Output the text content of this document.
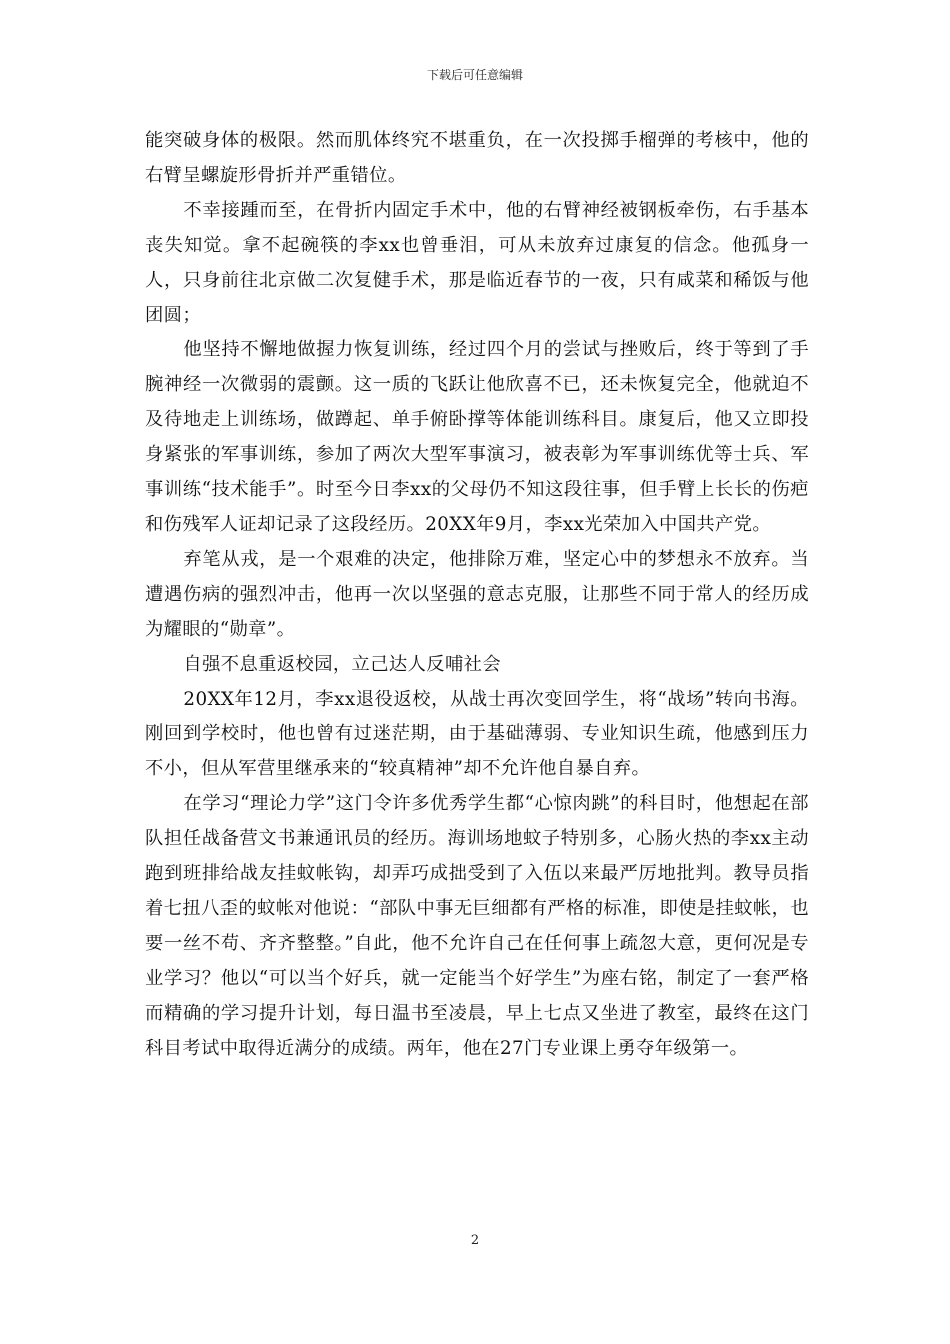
下载后可任意编辑

能突破身体的极限。然而肌体终究不堪重负，在一次投掷手榴弹的考核中，他的右臂呈螺旋形骨折并严重错位。

不幸接踵而至，在骨折内固定手术中，他的右臂神经被钢板牵伤，右手基本丧失知觉。拿不起碗筷的李xx也曾垂泪，可从未放弃过康复的信念。他孤身一人，只身前往北京做二次复健手术，那是临近春节的一夜，只有咸菜和稀饭与他团圆；

他坚持不懈地做握力恢复训练，经过四个月的尝试与挫败后，终于等到了手腕神经一次微弱的震颤。这一质的飞跃让他欣喜不已，还未恢复完全，他就迫不及待地走上训练场，做蹲起、单手俯卧撑等体能训练科目。康复后，他又立即投身紧张的军事训练，参加了两次大型军事演习，被表彰为军事训练优等士兵、军事训练“技术能手”。时至今日李xx的父母仍不知这段往事，但手臂上长长的伤疤和伤残军人证却记录了这段经历。20XX年9月，李xx光荣加入中国共产党。

弃笔从戎，是一个艰难的决定，他排除万难，坚定心中的梦想永不放弃。当遭遇伤病的强烈冲击，他再一次以坚强的意志克服，让那些不同于常人的经历成为耀眼的“勋章”。

自强不息重返校园，立己达人反哺社会

20XX年12月，李xx退役返校，从战士再次变回学生，将“战场”转向书海。刚回到学校时，他也曾有过迷茫期，由于基础薄弱、专业知识生疏，他感到压力不小，但从军营里继承来的“较真精神”却不允许他自暴自弃。

在学习“理论力学”这门令许多优秀学生都“心惊肉跳”的科目时，他想起在部队担任战备营文书兼通讯员的经历。海训场地蚊子特别多，心肠火热的李xx主动跑到班排给战友挂蚊帐钩，却弄巧成拙受到了入伍以来最严厉地批判。教导员指着七扭八歪的蚊帐对他说：“部队中事无巨细都有严格的标准，即使是挂蚊帐，也要一丝不苟、齐齐整整。”自此，他不允许自己在任何事上疏忽大意，更何况是专业学习？他以“可以当个好兵，就一定能当个好学生”为座右铭，制定了一套严格而精确的学习提升计划，每日温书至凌晨，早上七点又坐进了教室，最终在这门科目考试中取得近满分的成绩。两年，他在27门专业课上勇夺年级第一。

2
